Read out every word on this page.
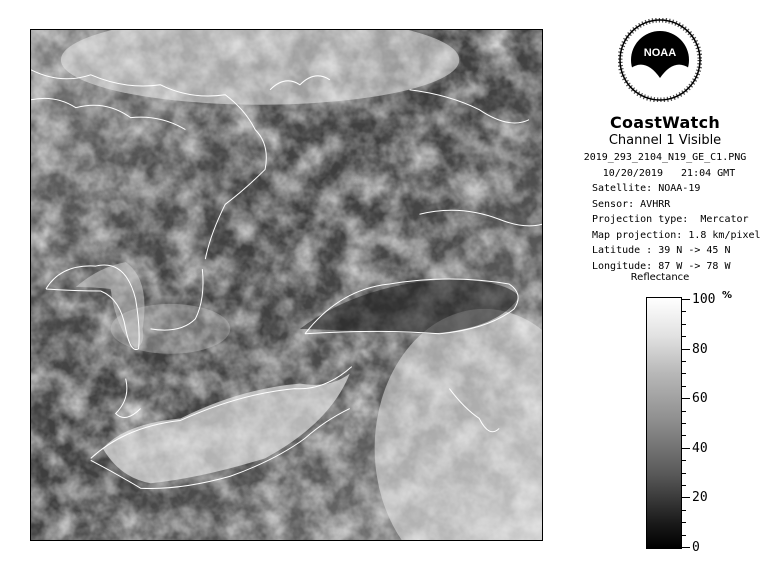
NOAA
CoastWatch
Channel 1 Visible
2019_293_2104_N19_GE_C1.PNG
10/20/2019   21:04 GMT
Satellite: NOAA-19
Sensor: AVHRR
Projection type:  Mercator
Map projection: 1.8 km/pixel
Latitude : 39 N -> 45 N
Longitude: 87 W -> 78 W
Reflectance
%
100
80
60
40
20
0
